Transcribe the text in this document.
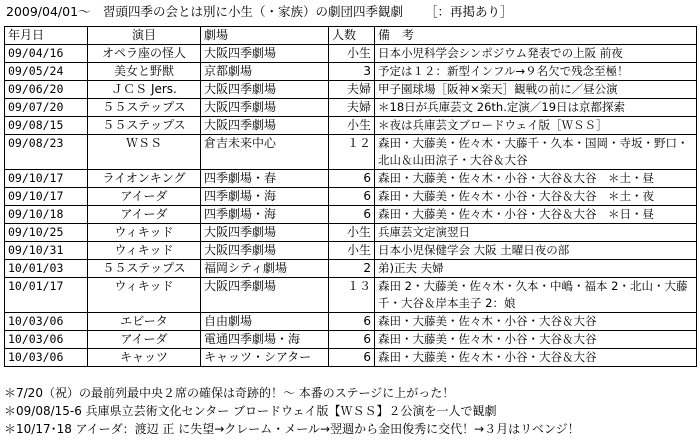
2009/04/01～　習頭四季の会とは別に小生（・家族）の劇団四季観劇 ［：再掲あり］
年月日	演目	劇場	人数	備　考
09/04/16	オペラ座の怪人	大阪四季劇場	小生	日本小児科学会シンポジウム発表での上阪 前夜
09/05/24	美女と野獣	京都劇場	3	予定は１２：新型インフル→９名欠で残念至極！
09/06/20	ＪＣＳ Jers.	大阪四季劇場	夫婦	甲子園球場［阪神×楽天］観戦の前に／昼公演
09/07/20	５５ステップス	大阪四季劇場	夫婦	＊18日が兵庫芸文 26th.定演／19日は京都探索
09/08/15	５５ステップス	大阪四季劇場	小生	＊夜は兵庫芸文ブロードウェイ版［ＷＳＳ］
09/08/23	ＷＳＳ	倉吉未来中心	１２	森田・大藤美・佐々木・大藤千・久本・国岡・寺坂・野口・北山＆山田涼子・大谷＆大谷
09/10/17	ライオンキング	四季劇場・春	6	森田・大藤美・佐々木・小谷・大谷＆大谷　＊土・昼
09/10/17	アイーダ	四季劇場・海	6	森田・大藤美・佐々木・小谷・大谷＆大谷　＊土・夜
09/10/18	アイーダ	四季劇場・海	6	森田・大藤美・佐々木・小谷・大谷＆大谷　＊日・昼
09/10/25	ウィキッド	大阪四季劇場	小生	兵庫芸文定演翌日
09/10/31	ウィキッド	大阪四季劇場	小生	日本小児保健学会 大阪 土曜日夜の部
10/01/03	５５ステップス	福岡シティ劇場	2	弟)正夫 夫婦
10/01/17	ウィキッド	大阪四季劇場	１３	森田 2・大藤美・佐々木・久本・中嶋・福本 2・北山・大藤千・大谷＆岸本圭子 2：娘
10/03/06	エビータ	自由劇場	6	森田・大藤美・佐々木・小谷・大谷＆大谷
10/03/06	アイーダ	電通四季劇場・海	6	森田・大藤美・佐々木・小谷・大谷＆大谷
10/03/06	キャッツ	キャッツ・シアター	6	森田・大藤美・佐々木・小谷・大谷＆大谷
＊7/20（祝）の最前列最中央２席の確保は奇跡的！～ 本番のステージに上がった！
＊09/08/15-6 兵庫県立芸術文化センター ブロードウェイ版【ＷＳＳ】２公演を一人で観劇
＊10/17･18 アイーダ：渡辺 正 に失望→クレーム・メール→翌週から金田俊秀に交代！→３月はリベンジ！
